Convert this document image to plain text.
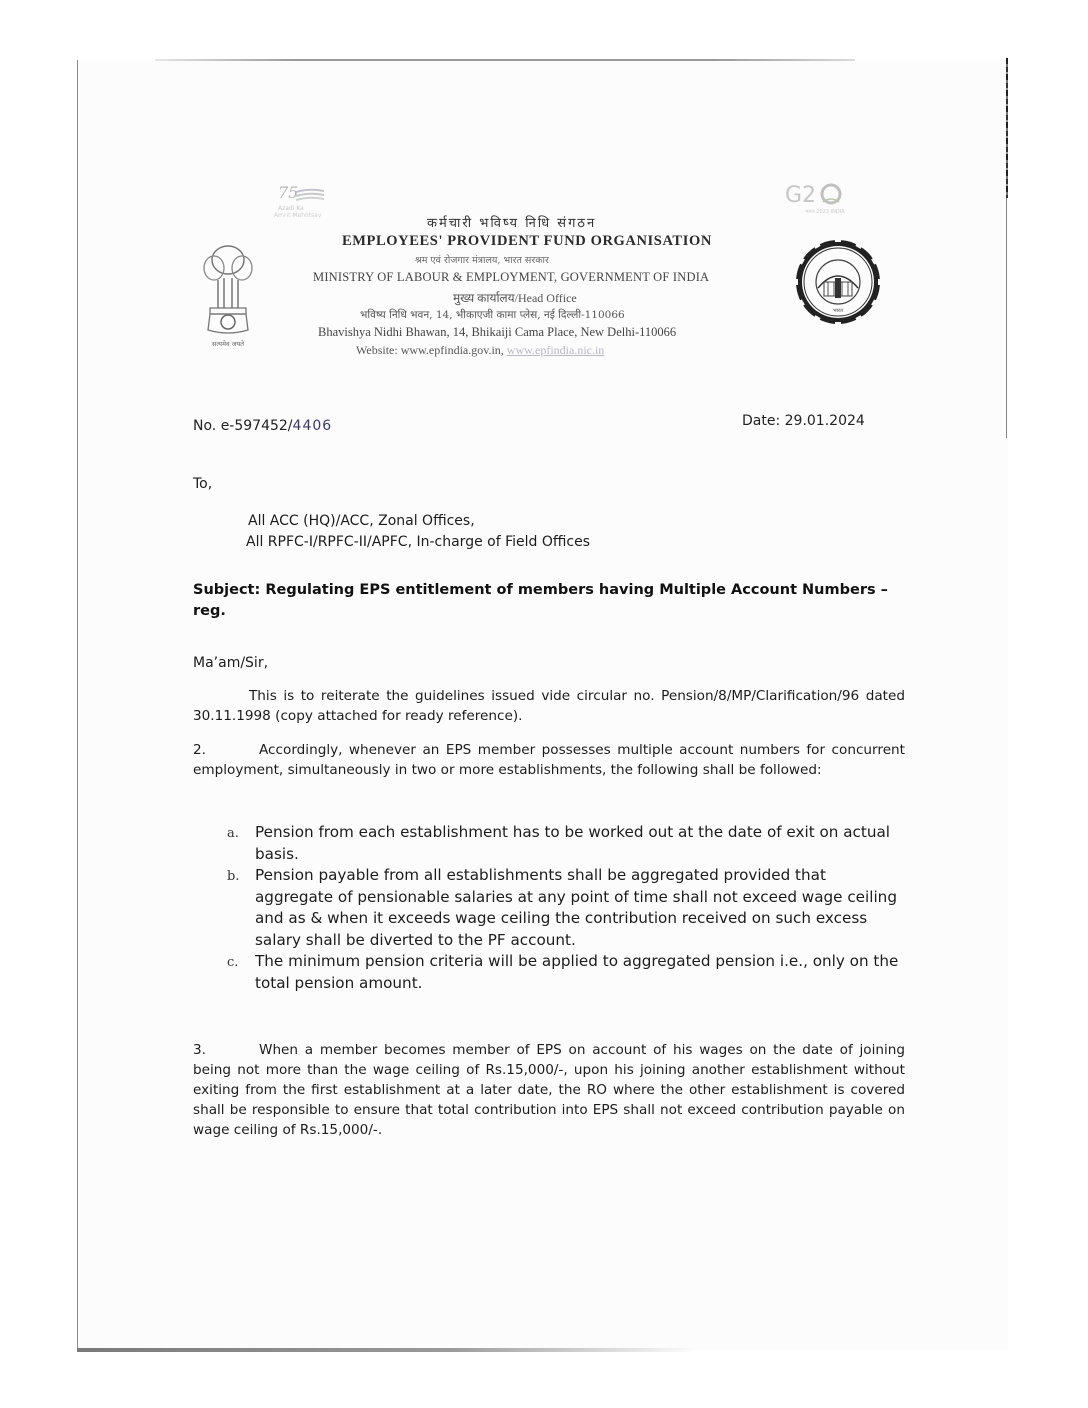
75
Azadi Ka
Amrit Mahotsav
G2
भारत 2023 INDIA
सत्यमेव जयते
भारत
कर्मचारी भविष्य निधि संगठन
EMPLOYEES' PROVIDENT FUND ORGANISATION
श्रम एवं रोजगार मंत्रालय, भारत सरकार
MINISTRY OF LABOUR & EMPLOYMENT, GOVERNMENT OF INDIA
मुख्य कार्यालय/Head Office
भविष्य निधि भवन, 14, भीकाएजी कामा प्लेस, नई दिल्ली-110066
Bhavishya Nidhi Bhawan, 14, Bhikaiji Cama Place, New Delhi-110066
Website: www.epfindia.gov.in, www.epfindia.nic.in
No. e-597452/4406	Date: 29.01.2024
To,
All ACC (HQ)/ACC, Zonal Offices,
All RPFC-I/RPFC-II/APFC, In-charge of Field Offices
Subject: Regulating EPS entitlement of members having Multiple Account Numbers – reg.
Ma’am/Sir,
This is to reiterate the guidelines issued vide circular no. Pension/8/MP/Clarification/96 dated 30.11.1998 (copy attached for ready reference).
2.	Accordingly, whenever an EPS member possesses multiple account numbers for concurrent employment, simultaneously in two or more establishments, the following shall be followed:
a. Pension from each establishment has to be worked out at the date of exit on actual basis.
b. Pension payable from all establishments shall be aggregated provided that aggregate of pensionable salaries at any point of time shall not exceed wage ceiling and as & when it exceeds wage ceiling the contribution received on such excess salary shall be diverted to the PF account.
c. The minimum pension criteria will be applied to aggregated pension i.e., only on the total pension amount.
3.	When a member becomes member of EPS on account of his wages on the date of joining being not more than the wage ceiling of Rs.15,000/-, upon his joining another establishment without exiting from the first establishment at a later date, the RO where the other establishment is covered shall be responsible to ensure that total contribution into EPS shall not exceed contribution payable on wage ceiling of Rs.15,000/-.
